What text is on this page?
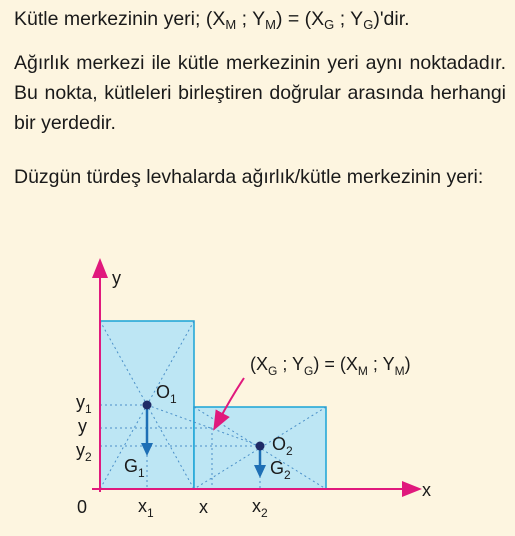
Kütle merkezinin yeri; ($X_M$ ; $Y_M) = (X_G$ ; $Y_G)'dir$.
Ağırlık merkezi ile kütle merkezinin yeri aynı noktadadır. Bu nokta, kütleleri birleştiren doğrular arasında herhangi bir yerdedir.
Düzgün türdeş levhalarda ağırlık/kütle merkezinin yeri:
y
x
0
$y_1$
y
$y_2$
$x_1$	x $x_2$
$O_1$
$O_2$
$G_1$	$G_2$
($X_G$ ; $Y_G) = (X_M$ ; $Y_M$)
